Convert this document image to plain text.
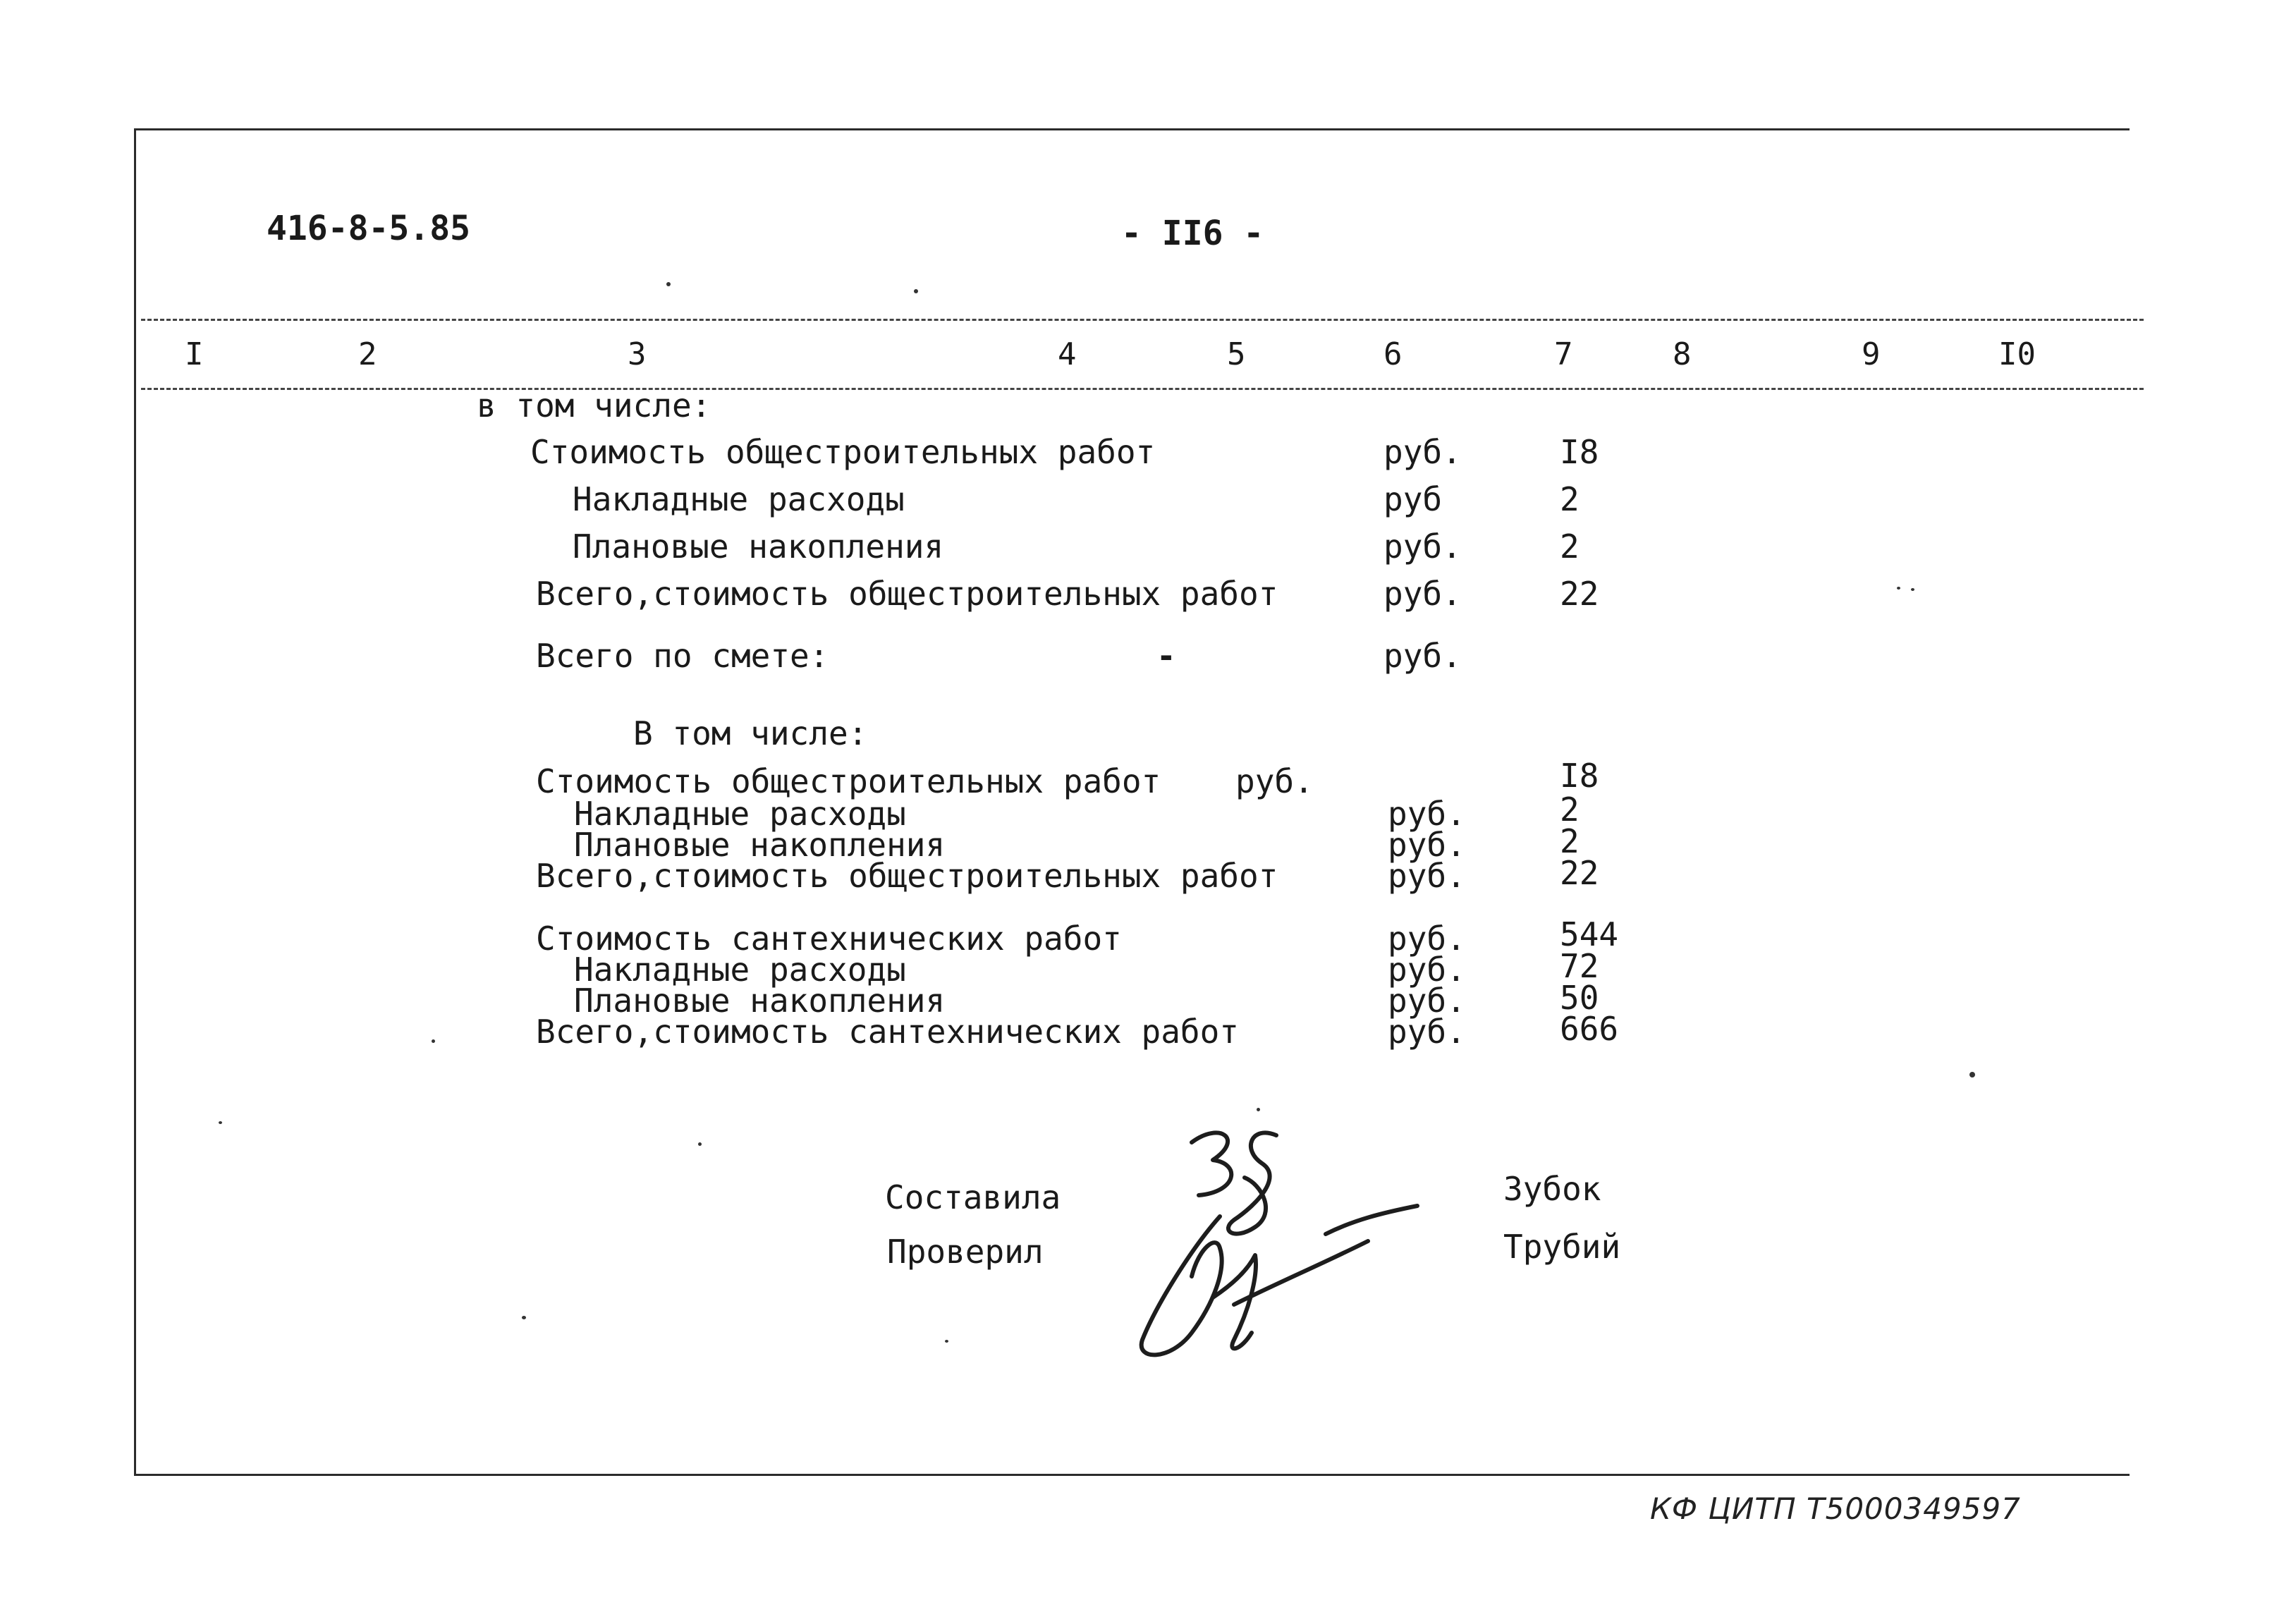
416-8-5.85	- II6 -
I	2	3	4	5	6	7	8	9	I0
в том числе:
Стоимость общестроительных работ	руб.	I8
Накладные расходы	руб	2
Плановые накопления	руб.	2
Всего,стоимость общестроительных работ	руб.	22
Всего по смете:	-	руб.
В том числе:
Стоимость общестроительных работ руб.	I8
Накладные расходы	руб.	2
Плановые накопления	руб.	2
Всего,стоимость общестроительных работ	руб.	22
Стоимость сантехнических работ	руб.	544
Накладные расходы	руб.	72
Плановые накопления	руб.	50
Всего,стоимость сантехнических работ	руб.	666
Составила
Проверил
Зубок
Трубий
КФ ЦИТП Т5000349597
